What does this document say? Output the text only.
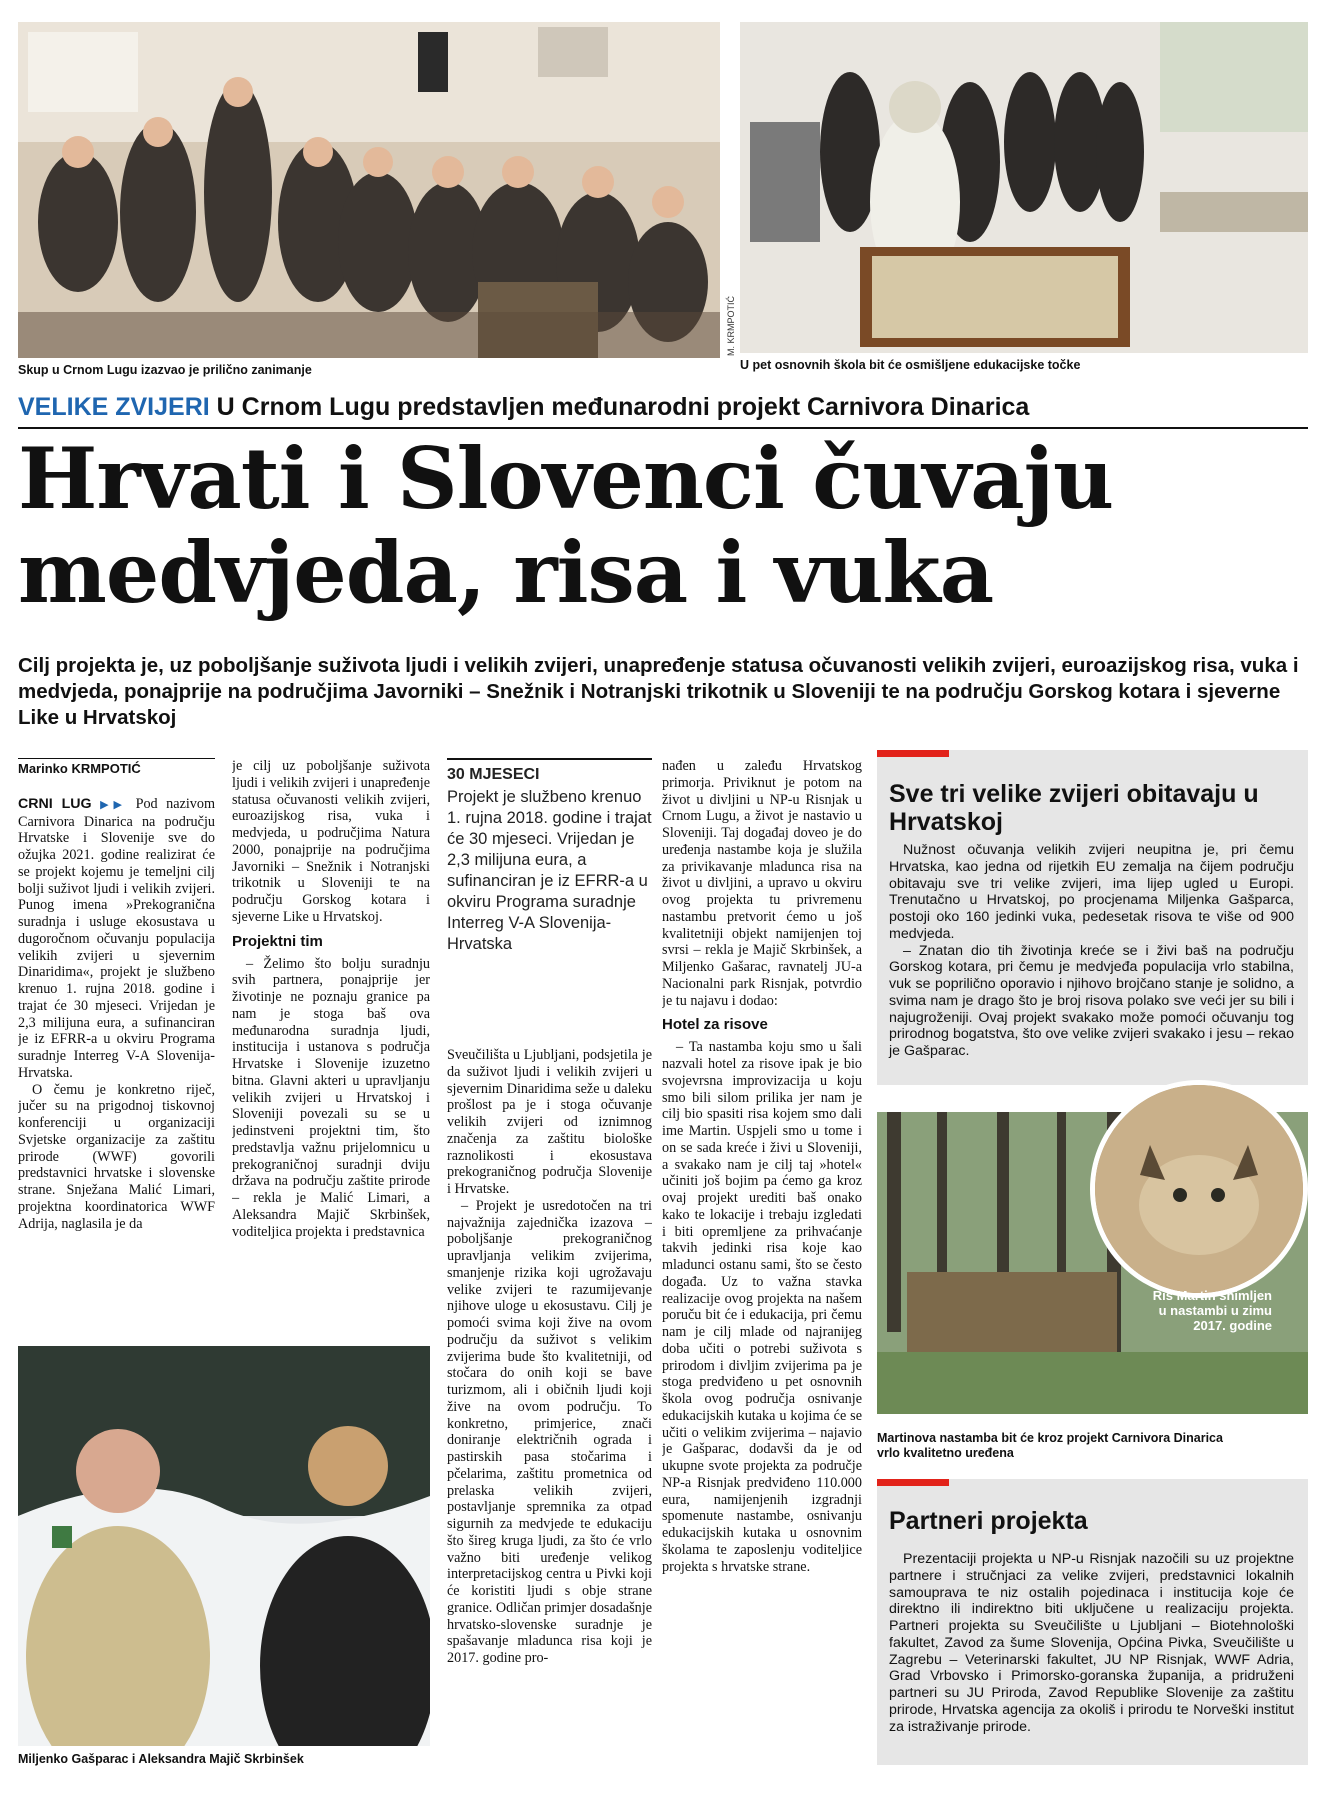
Skup u Crnom Lugu izazvao je prilično zanimanje
M. KRMPOTIĆ
U pet osnovnih škola bit će osmišljene edukacijske točke
VELIKE ZVIJERI U Crnom Lugu predstavljen međunarodni projekt Carnivora Dinarica
Hrvati i Slovenci čuvaju medvjeda, risa i vuka
Cilj projekta je, uz poboljšanje suživota ljudi i velikih zvijeri, unapređenje statusa očuvanosti velikih zvijeri, euroazijskog risa, vuka i medvjeda, ponajprije na područjima Javorniki – Snežnik i Notranjski trikotnik u Sloveniji te na području Gorskog kotara i sjeverne Like u Hrvatskoj
Marinko KRMPOTIĆ

CRNI LUG ▶▶ Pod nazivom Carnivora Dinarica na području Hrvatske i Slovenije sve do ožujka 2021. godine realizirat će se projekt kojemu je temeljni cilj bolji suživot ljudi i velikih zvijeri. Punog imena »Prekogranična suradnja i usluge ekosustava u dugoročnom očuvanju populacija velikih zvijeri u sjevernim Dinaridima«, projekt je službeno krenuo 1. rujna 2018. godine i trajat će 30 mjeseci. Vrijedan je 2,3 milijuna eura, a sufinanciran je iz EFRR-a u okviru Programa suradnje Interreg V-A Slovenija-Hrvatska.

O čemu je konkretno riječ, jučer su na prigodnoj tiskovnoj konferenciji u organizaciji Svjetske organizacije za zaštitu prirode (WWF) govorili predstavnici hrvatske i slovenske strane. Snježana Malić Limari, projektna koordinatorica WWF Adrija, naglasila je da

je cilj uz poboljšanje suživota ljudi i velikih zvijeri i unapređenje statusa očuvanosti velikih zvijeri, euroazijskog risa, vuka i medvjeda, u područjima Natura 2000, ponajprije na područjima Javorniki – Snežnik i Notranjski trikotnik u Sloveniji te na području Gorskog kotara i sjeverne Like u Hrvatskoj.

Projektni tim

– Želimo što bolju suradnju svih partnera, ponajprije jer životinje ne poznaju granice pa nam je stoga baš ova međunarodna suradnja ljudi, institucija i ustanova s područja Hrvatske i Slovenije izuzetno bitna. Glavni akteri u upravljanju velikih zvijeri u Hrvatskoj i Sloveniji povezali su se u jedinstveni projektni tim, što predstavlja važnu prijelomnicu u prekograničnoj suradnji dviju država na području zaštite prirode – rekla je Malić Limari, a Aleksandra Majič Skrbinšek, voditeljica projekta i predstavnica

30 MJESECI
Projekt je službeno krenuo 1. rujna 2018. godine i trajat će 30 mjeseci. Vrijedan je 2,3 milijuna eura, a sufinanciran je iz EFRR-a u okviru Programa suradnje Interreg V-A Slovenija-Hrvatska

Sveučilišta u Ljubljani, podsjetila je da suživot ljudi i velikih zvijeri u sjevernim Dinaridima seže u daleku prošlost pa je i stoga očuvanje velikih zvijeri od iznimnog značenja za zaštitu biološke raznolikosti i ekosustava prekograničnog područja Slovenije i Hrvatske.

– Projekt je usredotočen na tri najvažnija zajednička izazova – poboljšanje prekograničnog upravljanja velikim zvijerima, smanjenje rizika koji ugrožavaju velike zvijeri te razumijevanje njihove uloge u ekosustavu. Cilj je pomoći svima koji žive na ovom području da suživot s velikim zvijerima bude što kvalitetniji, od stočara do onih koji se bave turizmom, ali i običnih ljudi koji žive na ovom području. To konkretno, primjerice, znači doniranje električnih ograda i pastirskih pasa stočarima i pčelarima, zaštitu prometnica od prelaska velikih zvijeri, postavljanje spremnika za otpad sigurnih za medvjede te edukaciju što šireg kruga ljudi, za što će vrlo važno biti uređenje velikog interpretacijskog centra u Pivki koji će koristiti ljudi s obje strane granice. Odličan primjer dosadašnje hrvatsko-slovenske suradnje je spašavanje mladunca risa koji je 2017. godine pro-

nađen u zaleđu Hrvatskog primorja. Priviknut je potom na život u divljini u NP-u Risnjak u Crnom Lugu, a život je nastavio u Sloveniji. Taj događaj doveo je do uređenja nastambe koja je služila za privikavanje mladunca risa na život u divljini, a upravo u okviru ovog projekta tu privremenu nastambu pretvorit ćemo u još kvalitetniji objekt namijenjen toj svrsi – rekla je Majič Skrbinšek, a Miljenko Gašarac, ravnatelj JU-a Nacionalni park Risnjak, potvrdio je tu najavu i dodao:

Hotel za risove

– Ta nastamba koju smo u šali nazvali hotel za risove ipak je bio svojevrsna improvizacija u koju smo bili silom prilika jer nam je cilj bio spasiti risa kojem smo dali ime Martin. Uspjeli smo u tome i on se sada kreće i živi u Sloveniji, a svakako nam je cilj taj »hotel« učiniti još bojim pa ćemo ga kroz ovaj projekt urediti baš onako kako te lokacije i trebaju izgledati i biti opremljene za prihvaćanje takvih jedinki risa koje kao mladunci ostanu sami, što se često događa. Uz to važna stavka realizacije ovog projekta na našem poruču bit će i edukacija, pri čemu nam je cilj mlade od najranijeg doba učiti o potrebi suživota s prirodom i divljim zvijerima pa je stoga predviđeno u pet osnovnih škola ovog područja osnivanje edukacijskih kutaka u kojima će se učiti o velikim zvijerima – najavio je Gašparac, dodavši da je od ukupne svote projekta za područje NP-a Risnjak predviđeno 110.000 eura, namijenjenih izgradnji spomenute nastambe, osnivanju edukacijskih kutaka u osnovnim školama te zaposlenju voditeljice projekta s hrvatske strane.

Miljenko Gašparac i Aleksandra Majič Skrbinšek
Sve tri velike zvijeri obitavaju u Hrvatskoj

Nužnost očuvanja velikih zvijeri neupitna je, pri čemu Hrvatska, kao jedna od rijetkih EU zemalja na čijem području obitavaju sve tri velike zvijeri, ima lijep ugled u Europi. Trenutačno u Hrvatskoj, po procjenama Miljenka Gašparca, postoji oko 160 jedinki vuka, pedesetak risova te više od 900 medvjeda.

– Znatan dio tih životinja kreće se i živi baš na području Gorskog kotara, pri čemu je medvjeđa populacija vrlo stabilna, vuk se poprilično oporavio i njihovo brojčano stanje je solidno, a svima nam je drago što je broj risova polako sve veći jer su bili i najugroženiji. Ovaj projekt svakako može pomoći očuvanju tog prirodnog bogatstva, što ove velike zvijeri svakako i jesu – rekao je Gašparac.

Ris Martin snimljen u nastambi u zimu 2017. godine
Martinova nastamba bit će kroz projekt Carnivora Dinarica vrlo kvalitetno uređena
Partneri projekta

Prezentaciji projekta u NP-u Risnjak nazočili su uz projektne partnere i stručnjaci za velike zvijeri, predstavnici lokalnih samouprava te niz ostalih pojedinaca i institucija koje će direktno ili indirektno biti uključene u realizaciju projekta. Partneri projekta su Sveučilište u Ljubljani – Biotehnološki fakultet, Zavod za šume Slovenija, Općina Pivka, Sveučilište u Zagrebu – Veterinarski fakultet, JU NP Risnjak, WWF Adria, Grad Vrbovsko i Primorsko-goranska županija, a pridruženi partneri su JU Priroda, Zavod Republike Slovenije za zaštitu prirode, Hrvatska agencija za okoliš i prirodu te Norveški institut za istraživanje prirode.
